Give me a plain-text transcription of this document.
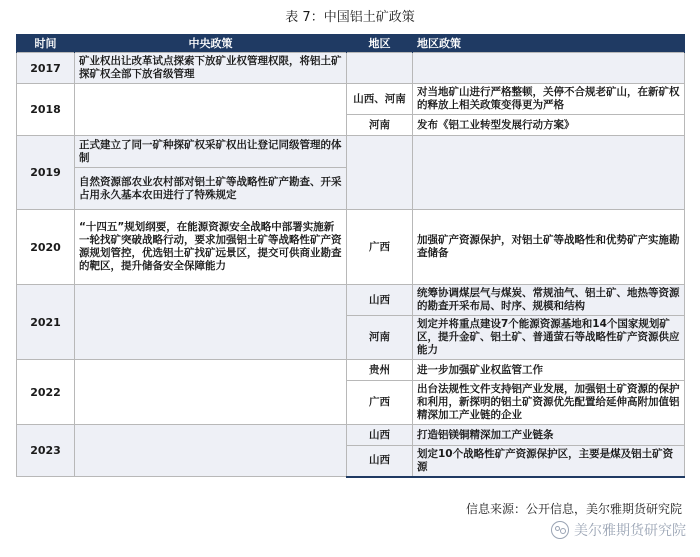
表 7：中国铝土矿政策
时间	中央政策	地区	地区政策
2017	矿业权出让改革试点探索下放矿业权管理权限，将铝土矿探矿权全部下放省级管理		
2018		山西、河南	对当地矿山进行严格整顿，关停不合规老矿山，在新矿权的释放上相关政策变得更为严格
		河南	发布《铝工业转型发展行动方案》
2019	正式建立了同一矿种探矿权采矿权出让登记同级管理的体制		
	自然资源部农业农村部对铝土矿等战略性矿产勘查、开采占用永久基本农田进行了特殊规定		
2020	“十四五”规划纲要，在能源资源安全战略中部署实施新一轮找矿突破战略行动，要求加强铝土矿等战略性矿产资源规划管控，优选铝土矿找矿远景区，提交可供商业勘查的靶区，提升储备安全保障能力	广西	加强矿产资源保护，对铝土矿等战略性和优势矿产实施勘查储备
2021		山西	统筹协调煤层气与煤炭、常规油气、铝土矿、地热等资源的勘查开采布局、时序、规模和结构
		河南	划定并将重点建设7个能源资源基地和14个国家规划矿区，提升金矿、铝土矿、普通萤石等战略性矿产资源供应能力
2022		贵州	进一步加强矿业权监管工作
		广西	出台法规性文件支持铝产业发展，加强铝土矿资源的保护和利用，新探明的铝土矿资源优先配置给延伸高附加值铝精深加工产业链的企业
2023		山西	打造铝镁铜精深加工产业链条
		山西	划定10个战略性矿产资源保护区，主要是煤及铝土矿资源
信息来源：公开信息，美尔雅期货研究院
美尔雅期货研究院
